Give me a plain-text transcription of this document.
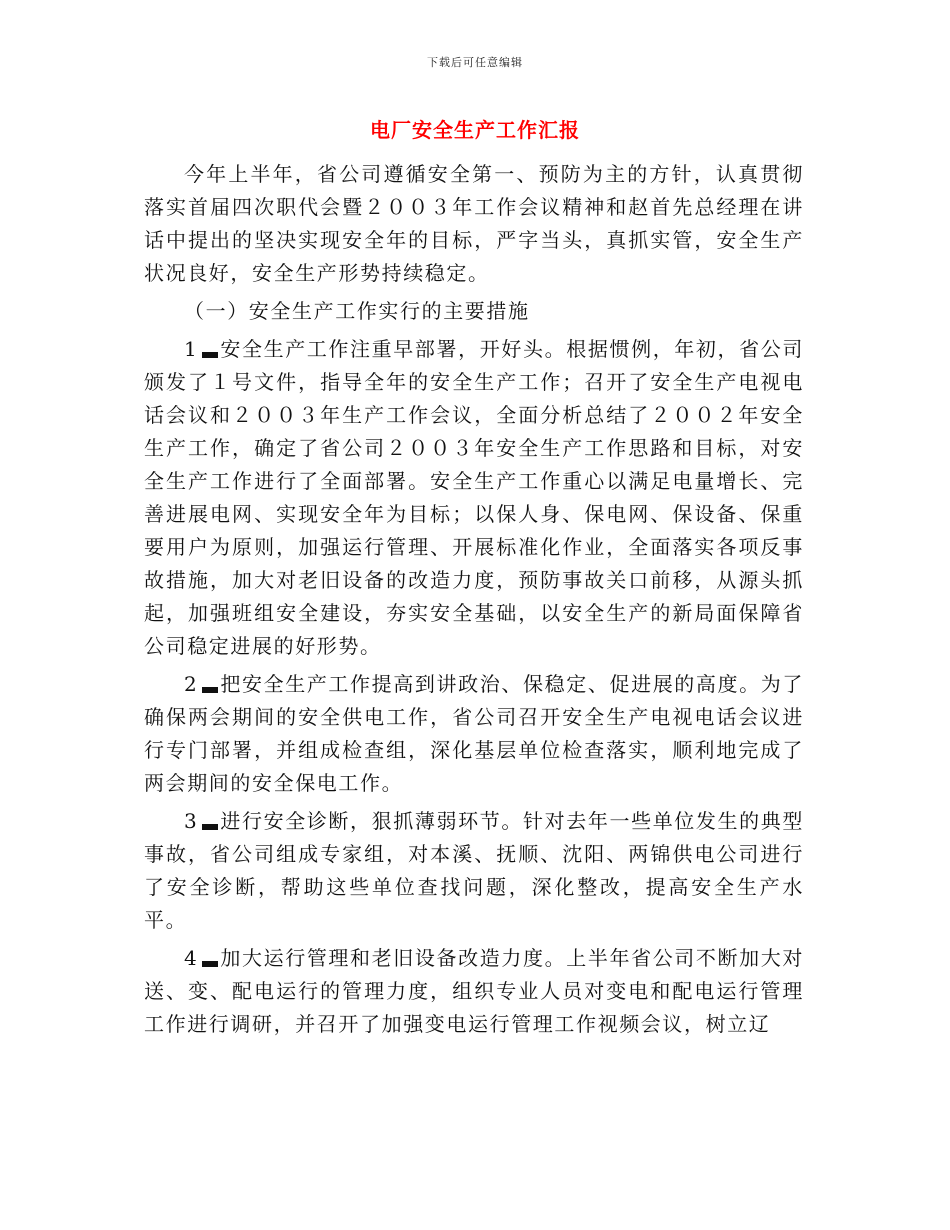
下载后可任意编辑
电厂安全生产工作汇报

今年上半年，省公司遵循安全第一、预防为主的方针，认真贯彻落实首届四次职代会暨２００３年工作会议精神和赵首先总经理在讲话中提出的坚决实现安全年的目标，严字当头，真抓实管，安全生产状况良好，安全生产形势持续稳定。

（一）安全生产工作实行的主要措施

1 安全生产工作注重早部署，开好头。根据惯例，年初，省公司颁发了１号文件，指导全年的安全生产工作；召开了安全生产电视电话会议和２００３年生产工作会议，全面分析总结了２００２年安全生产工作，确定了省公司２００３年安全生产工作思路和目标，对安全生产工作进行了全面部署。安全生产工作重心以满足电量增长、完善进展电网、实现安全年为目标；以保人身、保电网、保设备、保重要用户为原则，加强运行管理、开展标准化作业，全面落实各项反事故措施，加大对老旧设备的改造力度，预防事故关口前移，从源头抓起，加强班组安全建设，夯实安全基础，以安全生产的新局面保障省公司稳定进展的好形势。

2 把安全生产工作提高到讲政治、保稳定、促进展的高度。为了确保两会期间的安全供电工作，省公司召开安全生产电视电话会议进行专门部署，并组成检查组，深化基层单位检查落实，顺利地完成了两会期间的安全保电工作。

3 进行安全诊断，狠抓薄弱环节。针对去年一些单位发生的典型事故，省公司组成专家组，对本溪、抚顺、沈阳、两锦供电公司进行了安全诊断，帮助这些单位查找问题，深化整改，提高安全生产水平。

4 加大运行管理和老旧设备改造力度。上半年省公司不断加大对送、变、配电运行的管理力度，组织专业人员对变电和配电运行管理工作进行调研，并召开了加强变电运行管理工作视频会议，树立辽
